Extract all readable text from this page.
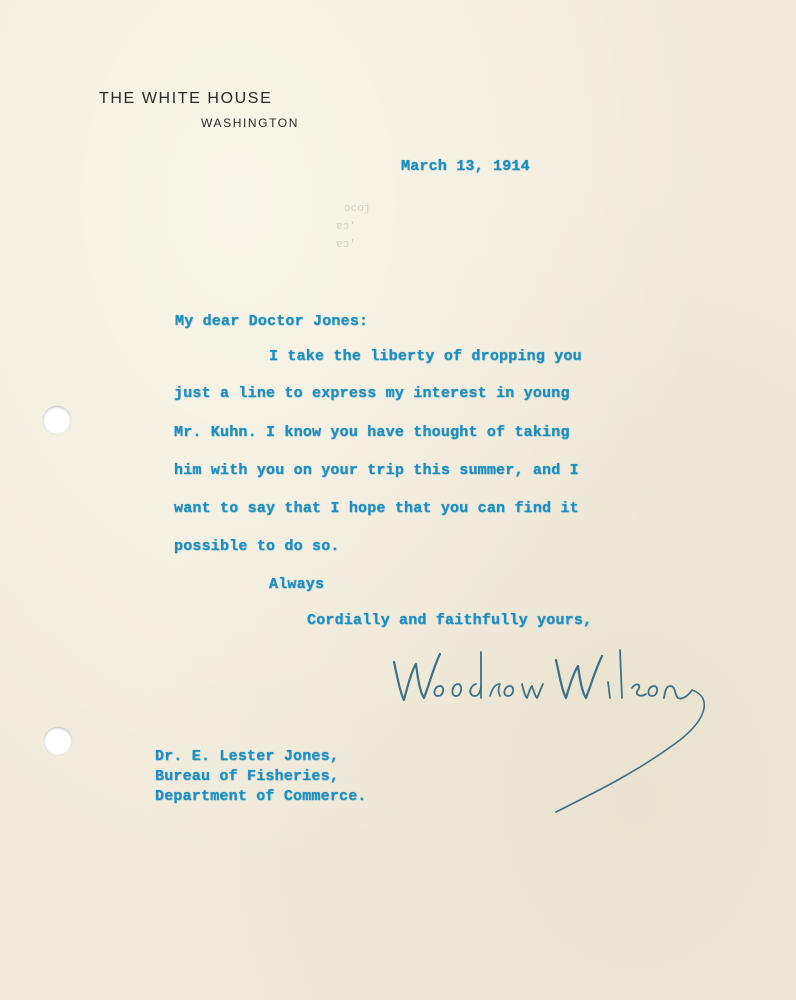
THE WHITE HOUSE
WASHINGTON
March 13, 1914
ocoj
ɐɔ'
ɐɔ'
My dear Doctor Jones:
I take the liberty of dropping you
just a line to express my interest in young
Mr. Kuhn. I know you have thought of taking
him with you on your trip this summer, and I
want to say that I hope that you can find it
possible to do so.
Always
Cordially and faithfully yours,
Dr. E. Lester Jones,
Bureau of Fisheries,
Department of Commerce.
